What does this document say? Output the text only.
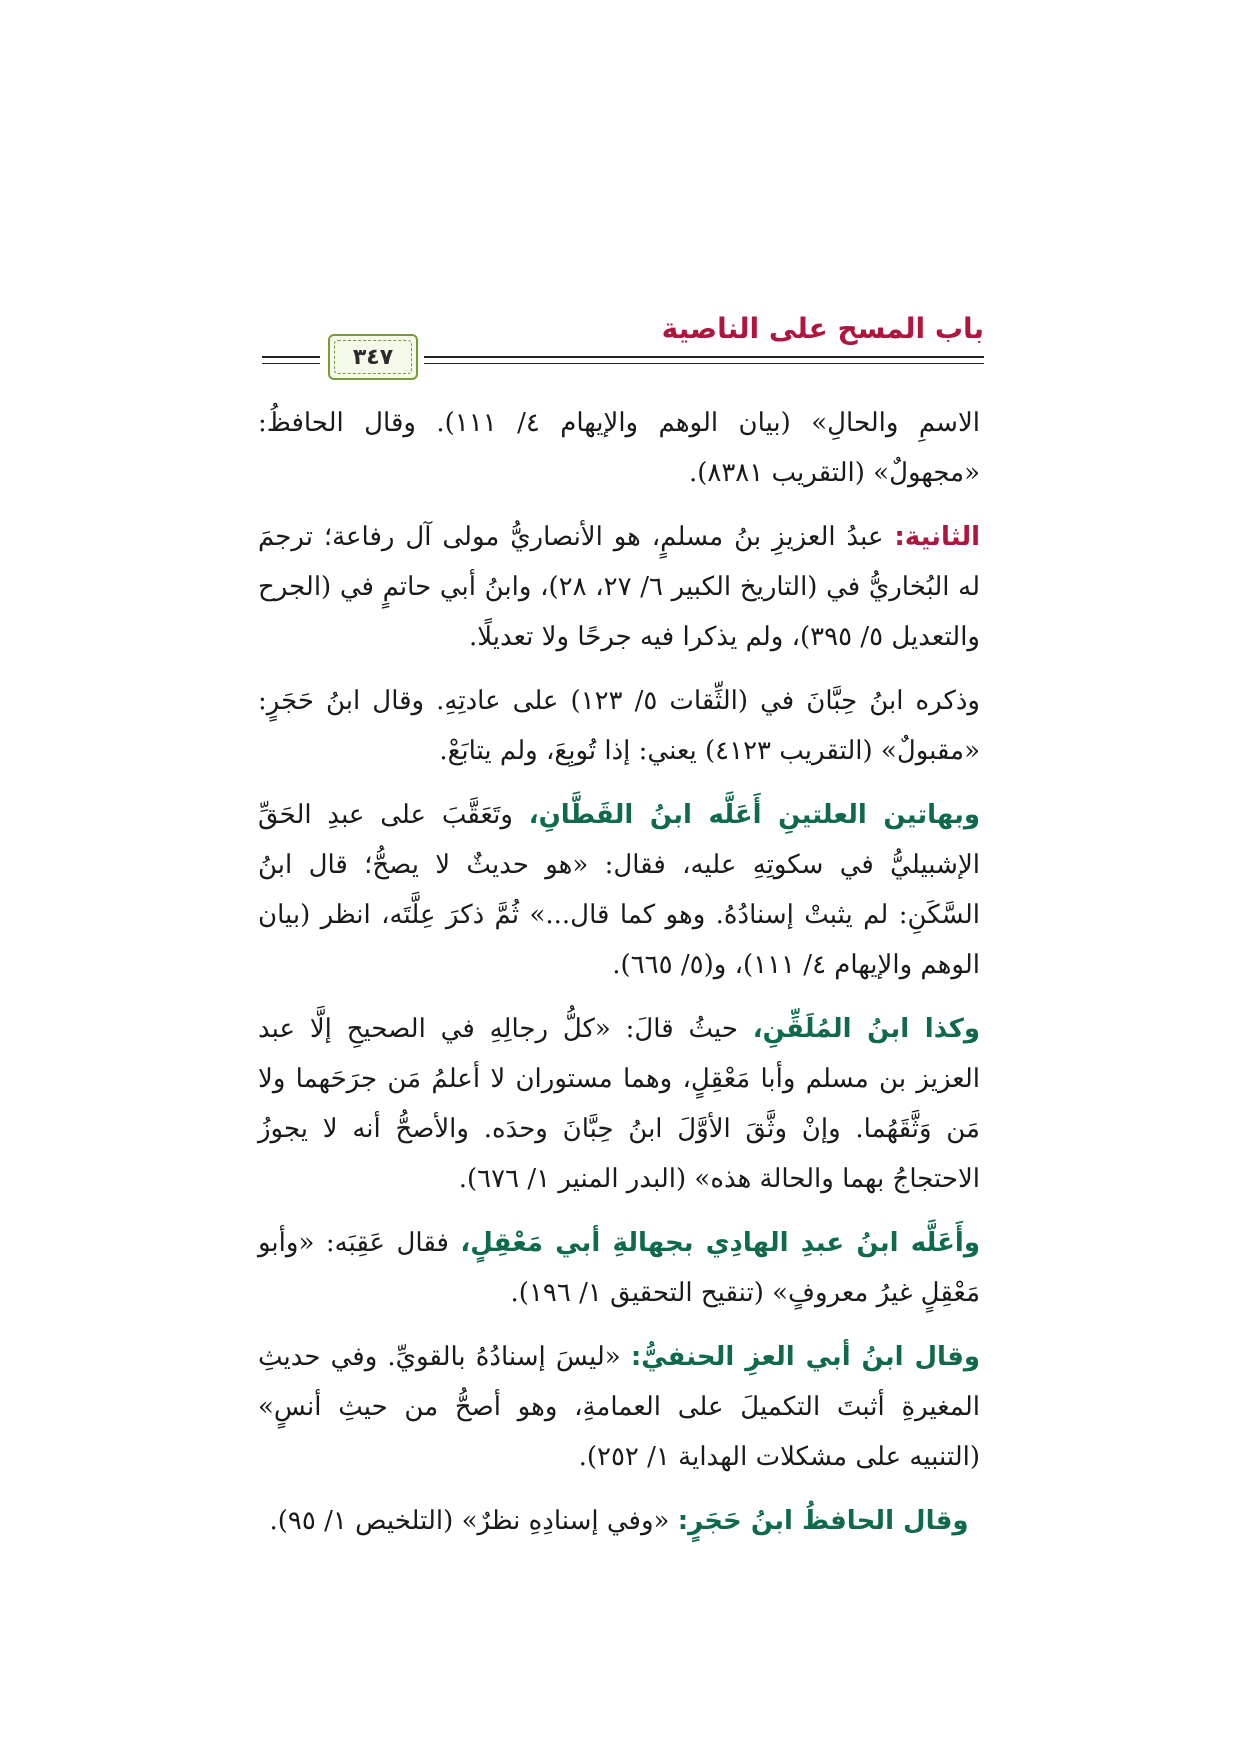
باب المسح على الناصية
٣٤٧

الاسمِ والحالِ» (بيان الوهم والإيهام ٤/ ١١١). وقال الحافظُ: «مجهولٌ» (التقريب ٨٣٨١).

الثانية: عبدُ العزيزِ بنُ مسلمٍ، هو الأنصاريُّ مولى آل رفاعة؛ ترجمَ له البُخاريُّ في (التاريخ الكبير ٦/ ٢٧، ٢٨)، وابنُ أبي حاتمٍ في (الجرح والتعديل ٥/ ٣٩٥)، ولم يذكرا فيه جرحًا ولا تعديلًا.

وذكره ابنُ حِبَّانَ في (الثِّقات ٥/ ١٢٣) على عادتِهِ. وقال ابنُ حَجَرٍ: «مقبولٌ» (التقريب ٤١٢٣) يعني: إذا تُوبِعَ، ولم يتابَعْ.

وبهاتين العلتينِ أَعَلَّه ابنُ القَطَّانِ، وتَعَقَّبَ على عبدِ الحَقِّ الإشبيليُّ في سكوتِهِ عليه، فقال: «هو حديثٌ لا يصحُّ؛ قال ابنُ السَّكَنِ: لم يثبتْ إسنادُهُ. وهو كما قال...» ثُمَّ ذكرَ عِلَّتَه، انظر (بيان الوهم والإيهام ٤/ ١١١)، و(٥/ ٦٦٥).

وكذا ابنُ المُلَقِّنِ، حيثُ قالَ: «كلُّ رجالِهِ في الصحيحِ إلَّا عبد العزيز بن مسلم وأبا مَعْقِلٍ، وهما مستوران لا أعلمُ مَن جرَحَهما ولا مَن وَثَّقَهُما. وإنْ وثَّقَ الأوَّلَ ابنُ حِبَّانَ وحدَه. والأصحُّ أنه لا يجوزُ الاحتجاجُ بهما والحالة هذه» (البدر المنير ١/ ٦٧٦).

وأَعَلَّه ابنُ عبدِ الهادِي بجهالةِ أبي مَعْقِلٍ، فقال عَقِبَه: «وأبو مَعْقِلٍ غيرُ معروفٍ» (تنقيح التحقيق ١/ ١٩٦).

وقال ابنُ أبي العزِ الحنفيُّ: «ليسَ إسنادُهُ بالقويِّ. وفي حديثِ المغيرةِ أثبتَ التكميلَ على العمامةِ، وهو أصحُّ من حيثِ أنسٍ» (التنبيه على مشكلات الهداية ١/ ٢٥٢).

وقال الحافظُ ابنُ حَجَرٍ: «وفي إسنادِهِ نظرٌ» (التلخيص ١/ ٩٥).
